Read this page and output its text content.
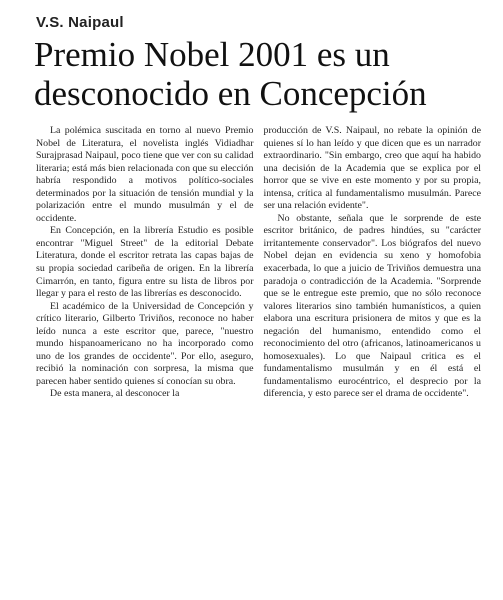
V.S. Naipaul
Premio Nobel 2001 es un desconocido en Concepción

La polémica suscitada en torno al nuevo Premio Nobel de Literatura, el novelista inglés Vidiadhar Surajprasad Naipaul, poco tiene que ver con su calidad literaria; está más bien relacionada con que su elección habría respondido a motivos político-sociales determinados por la situación de tensión mundial y la polarización entre el mundo musulmán y el de occidente.

En Concepción, en la librería Estudio es posible encontrar "Miguel Street" de la editorial Debate Literatura, donde el escritor retrata las capas bajas de su propia sociedad caribeña de origen. En la librería Cimarrón, en tanto, figura entre su lista de libros por llegar y para el resto de las librerías es desconocido.

El académico de la Universidad de Concepción y crítico literario, Gilberto Triviños, reconoce no haber leído nunca a este escritor que, parece, "nuestro mundo hispanoamericano no ha incorporado como uno de los grandes de occidente". Por ello, aseguro, recibió la nominación con sorpresa, la misma que parecen haber sentido quienes sí conocían su obra.

De esta manera, al desconocer la

producción de V.S. Naipaul, no rebate la opinión de quienes sí lo han leído y que dicen que es un narrador extraordinario. "Sin embargo, creo que aquí ha habido una decisión de la Academia que se explica por el horror que se vive en este momento y por su propia, intensa, crítica al fundamentalismo musulmán. Parece ser una relación evidente".

No obstante, señala que le sorprende de este escritor británico, de padres hindúes, su "carácter irritantemente conservador". Los biógrafos del nuevo Nobel dejan en evidencia su xeno y homofobia exacerbada, lo que a juicio de Triviños demuestra una paradoja o contradicción de la Academia. "Sorprende que se le entregue este premio, que no sólo reconoce valores literarios sino también humanísticos, a quien elabora una escritura prisionera de mitos y que es la negación del humanismo, entendido como el reconocimiento del otro (africanos, latinoamericanos u homosexuales). Lo que Naipaul critica es el fundamentalismo musulmán y en él está el fundamentalismo eurocéntrico, el desprecio por la diferencia, y esto parece ser el drama de occidente".
